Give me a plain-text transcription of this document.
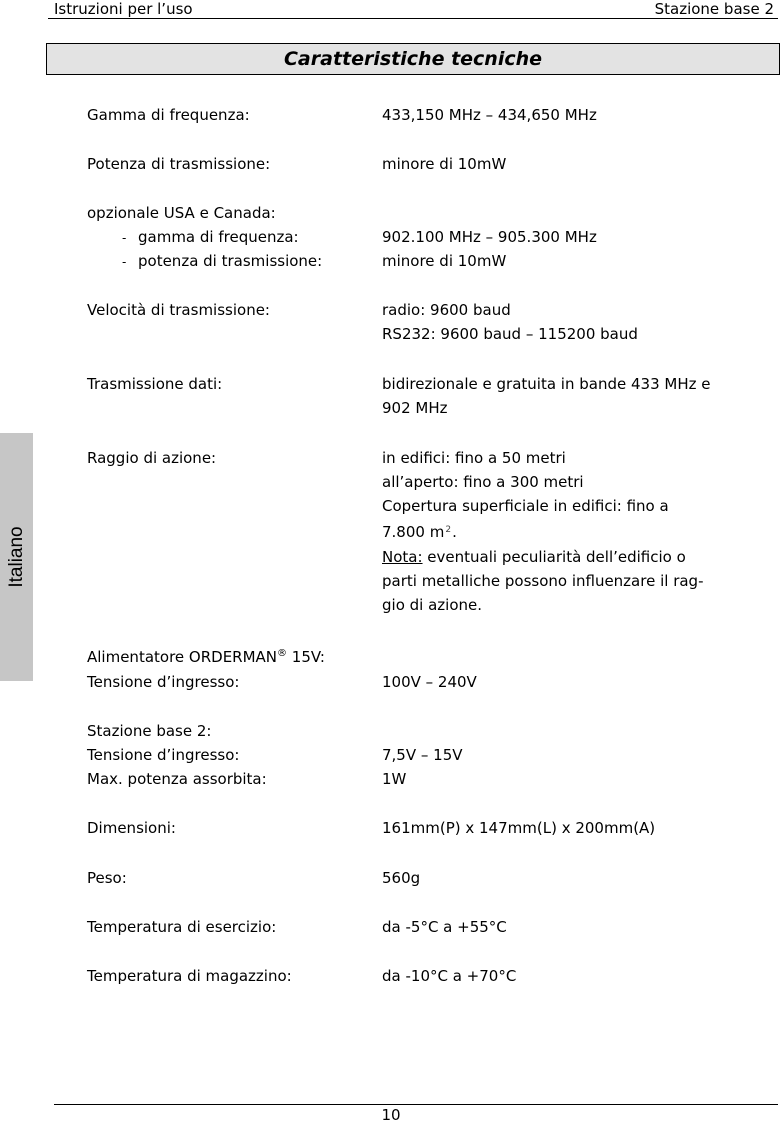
Istruzioni per l’uso	Stazione base 2
Caratteristiche tecniche
Italiano
Gamma di frequenza:	433,150 MHz – 434,650 MHz
Potenza di trasmissione:	minore di 10mW
opzionale USA e Canada:
- gamma di frequenza:	902.100 MHz – 905.300 MHz
- potenza di trasmissione:	minore di 10mW
Velocità di trasmissione:	radio: 9600 baud
RS232: 9600 baud – 115200 baud
Trasmissione dati:	bidirezionale e gratuita in bande 433 MHz e
902 MHz
Raggio di azione:	in edifici: fino a 50 metri
all’aperto: fino a 300 metri
Copertura superficiale in edifici: fino a
7.800 $m^2$.
Nota: eventuali peculiarità dell’edificio o
parti metalliche possono influenzare il rag-
gio di azione.
Alimentatore ORDERMAN® 15V:
Tensione d’ingresso:	100V – 240V
Stazione base 2:
Tensione d’ingresso:	7,5V – 15V
Max. potenza assorbita:	1W
Dimensioni:	161mm(P) x 147mm(L) x 200mm(A)
Peso:	560g
Temperatura di esercizio:	da -5°C a +55°C
Temperatura di magazzino:	da -10°C a +70°C
10
